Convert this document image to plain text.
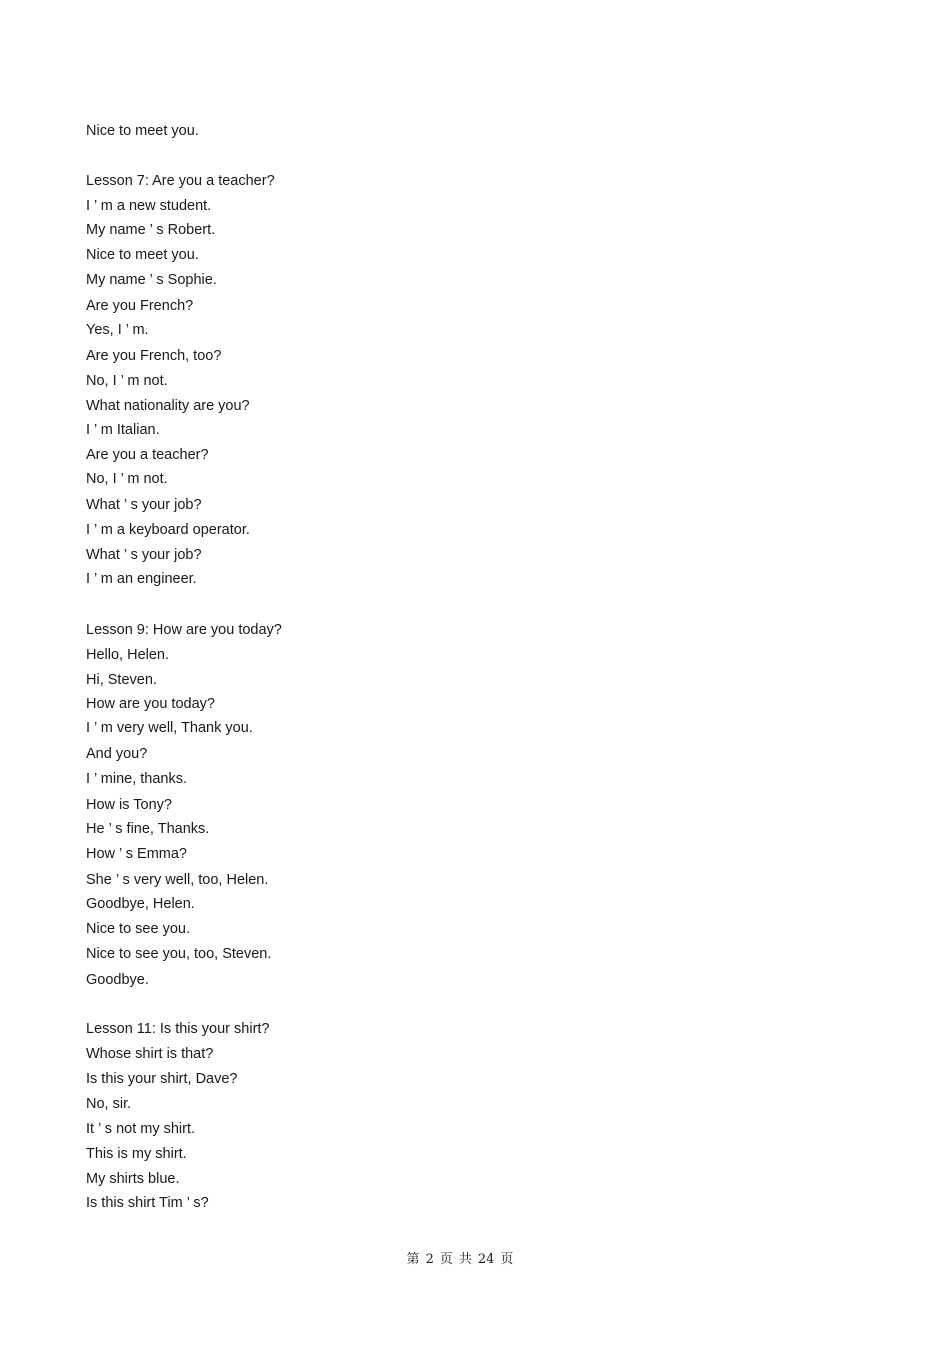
Nice to meet you.
Lesson 7: Are you a teacher?
I ’ m a new student.
My name ’ s Robert.
Nice to meet you.
My name ’ s Sophie.
Are you French?
Yes, I ’ m.
Are you French, too?
No, I ’ m not.
What nationality are you?
I ’ m Italian.
Are you a teacher?
No, I ’ m not.
What ’ s your job?
I ’ m a keyboard operator.
What ’ s your job?
I ’ m an engineer.
Lesson 9: How are you today?
Hello, Helen.
Hi, Steven.
How are you today?
I ’ m very well, Thank you.
And you?
I ’ mine, thanks.
How is Tony?
He ’ s fine, Thanks.
How ’ s Emma?
She ’ s very well, too, Helen.
Goodbye, Helen.
Nice to see you.
Nice to see you, too, Steven.
Goodbye.
Lesson 11: Is this your shirt?
Whose shirt is that?
Is this your shirt, Dave?
No, sir.
It ’ s not my shirt.
This is my shirt.
My shirts blue.
Is this shirt Tim ’ s?
第 2 页 共 24 页
